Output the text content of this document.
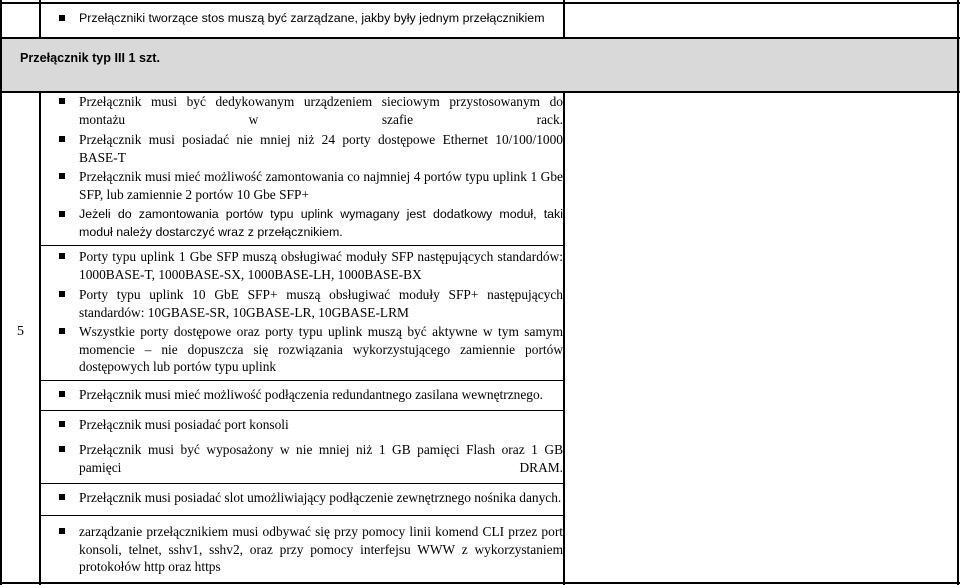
Przełączniki tworzące stos muszą być zarządzane, jakby były jednym przełącznikiem
Przełącznik typ III 1 szt.
5
Przełącznik musi być dedykowanym urządzeniem sieciowym przystosowanym do montażu w szafie rack.
Przełącznik musi posiadać nie mniej niż 24 porty dostępowe Ethernet 10/100/1000 BASE-T
Przełącznik musi mieć możliwość zamontowania co najmniej 4 portów typu uplink 1 Gbe SFP, lub zamiennie 2 portów 10 Gbe SFP+
Jeżeli do zamontowania portów typu uplink wymagany jest dodatkowy moduł, taki moduł należy dostarczyć wraz z przełącznikiem.
Porty typu uplink 1 Gbe SFP muszą obsługiwać moduły SFP następujących standardów: 1000BASE-T, 1000BASE-SX, 1000BASE-LH, 1000BASE-BX
Porty typu uplink 10 GbE SFP+ muszą obsługiwać moduły SFP+ następujących standardów: 10GBASE-SR, 10GBASE-LR, 10GBASE-LRM
Wszystkie porty dostępowe oraz porty typu uplink muszą być aktywne w tym samym momencie – nie dopuszcza się rozwiązania wykorzystującego zamiennie portów dostępowych lub portów typu uplink
Przełącznik musi mieć możliwość podłączenia redundantnego zasilana wewnętrznego.
Przełącznik musi posiadać port konsoli
Przełącznik musi być wyposażony w nie mniej niż 1 GB pamięci Flash oraz 1 GB pamięci DRAM.
Przełącznik musi posiadać slot umożliwiający podłączenie zewnętrznego nośnika danych.
zarządzanie przełącznikiem musi odbywać się przy pomocy linii komend CLI przez port konsoli, telnet, sshv1, sshv2, oraz przy pomocy interfejsu WWW z wykorzystaniem protokołów http oraz https
